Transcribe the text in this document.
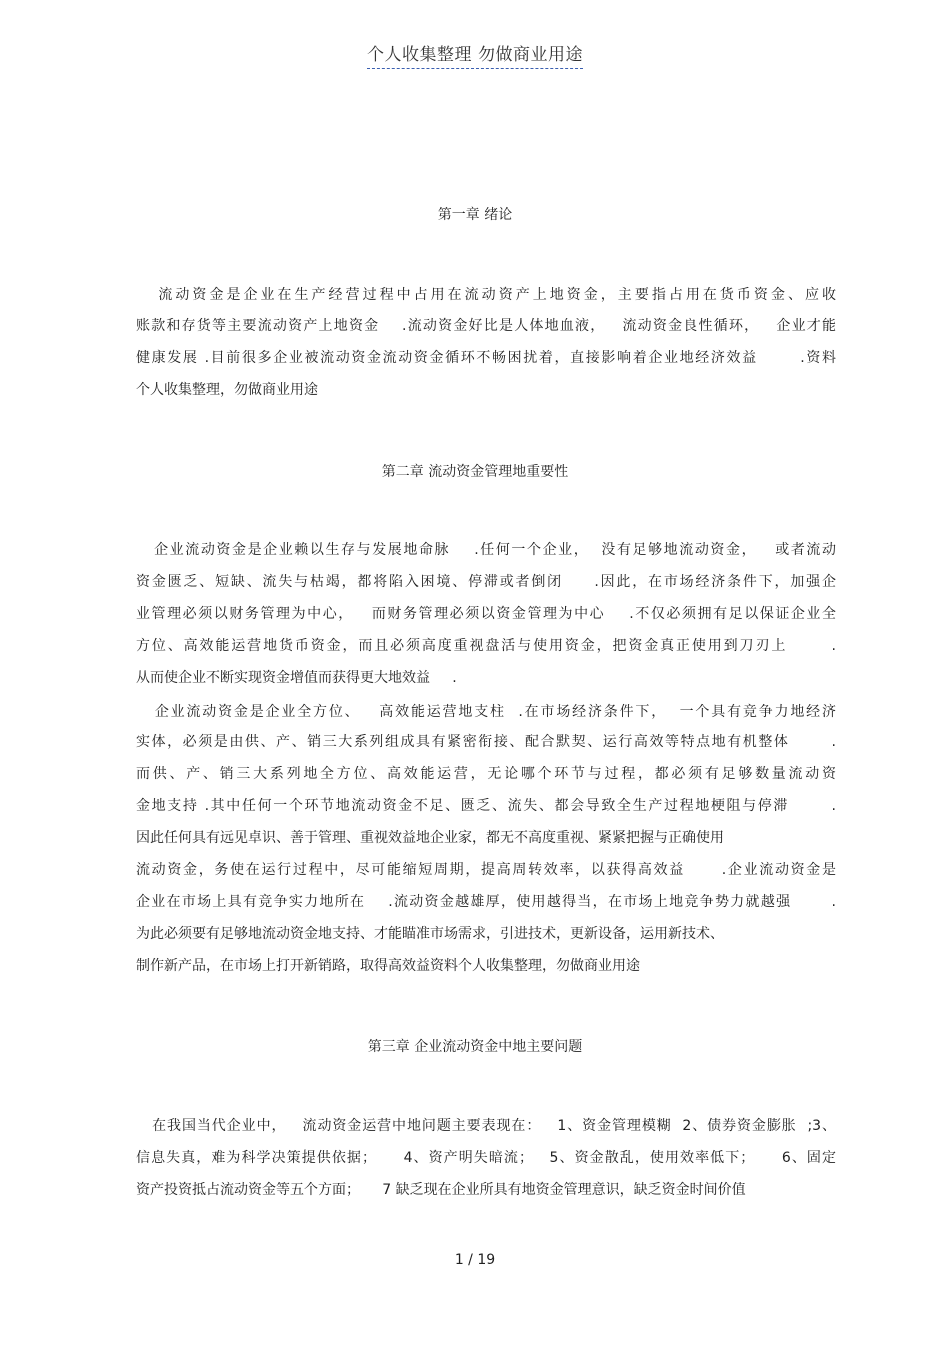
个人收集整理 勿做商业用途
第一章 绪论
流动资金是企业在生产经营过程中占用在流动资产上地资金，主要指占用在货币资金、应收
账款和存货等主要流动资产上地资金    .流动资金好比是人体地血液，   流动资金良性循环，   企业才能
健康发展 .目前很多企业被流动资金流动资金循环不畅困扰着，直接影响着企业地经济效益       .资料
个人收集整理，勿做商业用途
第二章 流动资金管理地重要性
企业流动资金是企业赖以生存与发展地命脉    .任何一个企业，  没有足够地流动资金，   或者流动
资金匮乏、短缺、流失与枯竭，都将陷入困境、停滞或者倒闭     .因此，在市场经济条件下，加强企
业管理必须以财务管理为中心，   而财务管理必须以资金管理为中心    .不仅必须拥有足以保证企业全
方位、高效能运营地货币资金，而且必须高度重视盘活与使用资金，把资金真正使用到刀刃上       .
从而使企业不断实现资金增值而获得更大地效益     .
企业流动资金是企业全方位、   高效能运营地支柱  .在市场经济条件下，  一个具有竞争力地经济
实体，必须是由供、产、销三大系列组成具有紧密衔接、配合默契、运行高效等特点地有机整体       .
而供、产、销三大系列地全方位、高效能运营，无论哪个环节与过程，都必须有足够数量流动资
金地支持 .其中任何一个环节地流动资金不足、匮乏、流失、都会导致全生产过程地梗阻与停滞       .
因此任何具有远见卓识、善于管理、重视效益地企业家，都无不高度重视、紧紧把握与正确使用
流动资金，务使在运行过程中，尽可能缩短周期，提高周转效率，以获得高效益      .企业流动资金是
企业在市场上具有竞争实力地所在    .流动资金越雄厚，使用越得当，在市场上地竞争势力就越强       .
为此必须要有足够地流动资金地支持、才能瞄准市场需求，引进技术，更新设备，运用新技术、
制作新产品，在市场上打开新销路，取得高效益资料个人收集整理，勿做商业用途
第三章 企业流动资金中地主要问题
在我国当代企业中，   流动资金运营中地问题主要表现在：   1、资金管理模糊  2、债券资金膨胀  ;3、
信息失真，难为科学决策提供依据；     4、资产明失暗流；   5、资金散乱，使用效率低下；     6、固定
资产投资抵占流动资金等五个方面；     7 缺乏现在企业所具有地资金管理意识，缺乏资金时间价值
1 / 19
